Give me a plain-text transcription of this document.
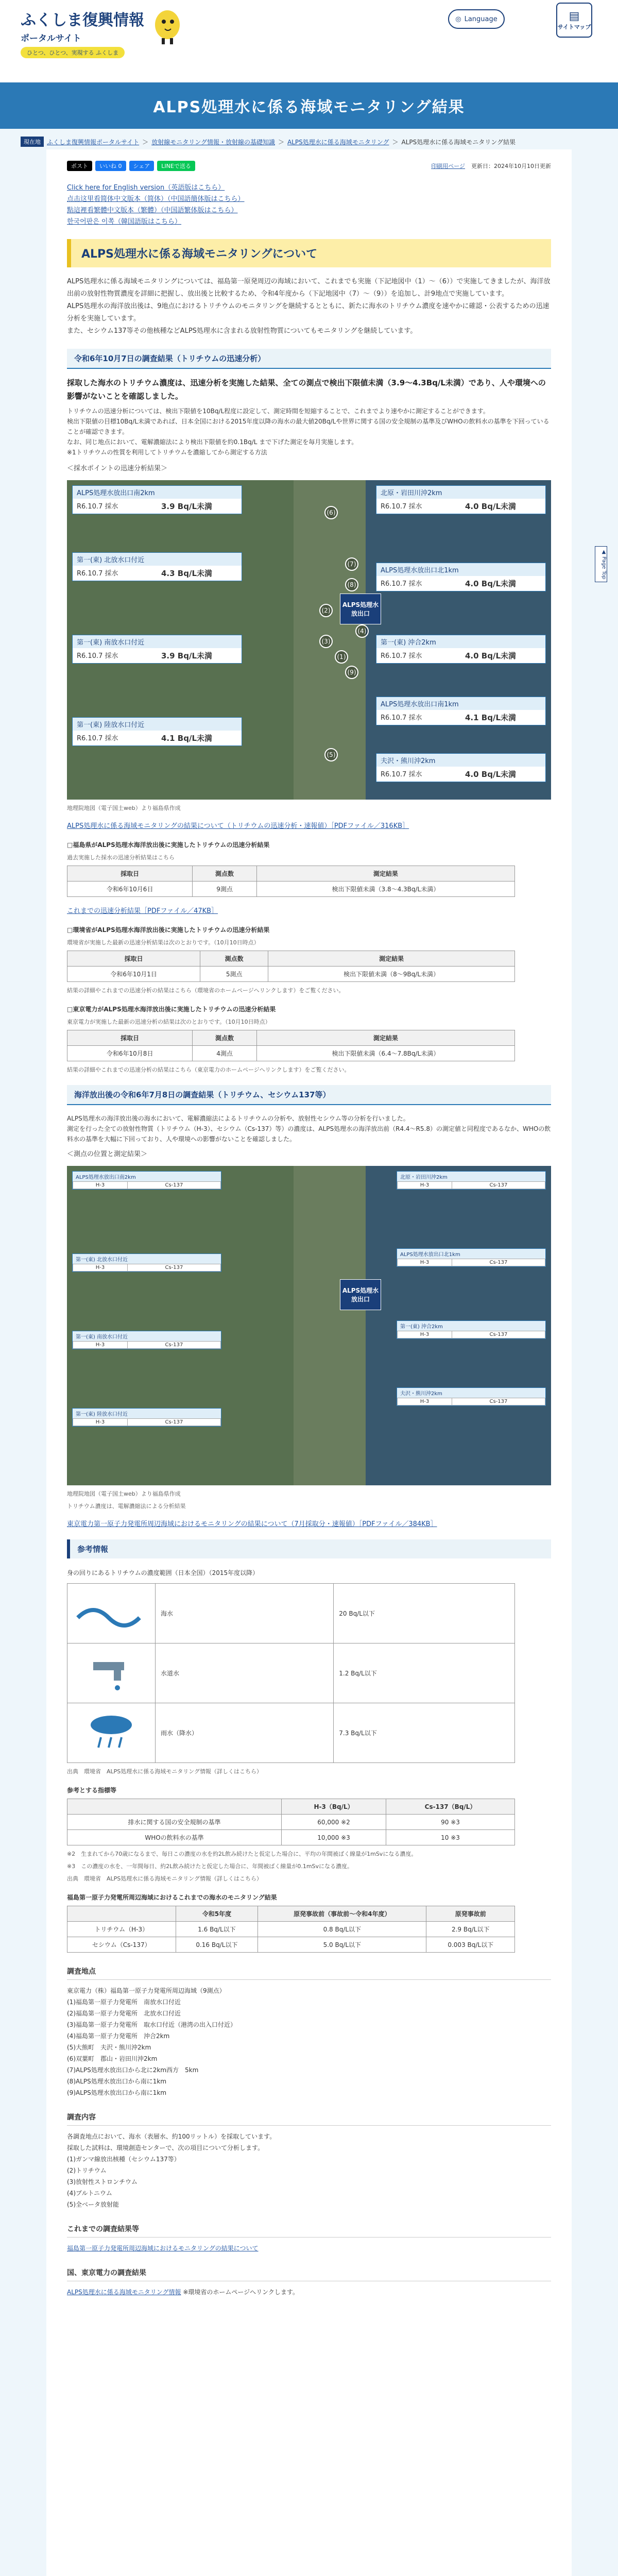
ふくしま復興情報
ポータルサイト
ひとつ、ひとつ、実現する ふくしま
◎ Language	▤
サイトマップ
ALPS処理水に係る海域モニタリング結果
現在地	ふくしま復興情報ポータルサイト ＞ 放射線モニタリング情報・放射線の基礎知識 ＞ ALPS処理水に係る海域モニタリング ＞ ALPS処理水に係る海域モニタリング結果
ポスト	いいね 0	シェア	LINEで送る	印刷用ページ 更新日：2024年10月10日更新
Click here for English version（英語版はこちら）
点击这里看简体中文版本（简体）（中国語簡体版はこちら）
點這裡看繁體中文版本（繁體）（中国語繁体版はこちら）
한국어판은 이쪽（韓国語版はこちら）
ALPS処理水に係る海域モニタリングについて

ALPS処理水に係る海域モニタリングについては、福島第一原発周辺の海域において、これまでも実施（下記地図中（1）～（6））で実施してきましたが、海洋放出前の放射性物質濃度を詳細に把握し、放出後と比較するため、令和4年度から（下記地図中（7）～（9））を追加し、計9地点で実施しています。

ALPS処理水の海洋放出後は、9地点におけるトリチウムのモニタリングを継続するとともに、新たに海水のトリチウム濃度を速やかに確認・公表するための迅速分析を実施しています。

また、セシウム137等その他核種などALPS処理水に含まれる放射性物質についてもモニタリングを継続しています。

令和6年10月7日の調査結果（トリチウムの迅速分析）
採取した海水のトリチウム濃度は、迅速分析を実施した結果、全ての測点で検出下限値未満（3.9～4.3Bq/L未満）であり、人や環境への影響がないことを確認しました。

トリチウムの迅速分析については、検出下限値を10Bq/L程度に設定して、測定時間を短縮することで、これまでより速やかに測定することができます。

検出下限値の目標10Bq/L未満であれば、日本全国における2015年度以降の海水の最大値20Bq/Lや世界に関する国の安全規制の基準及びWHOの飲料水の基準を下回っていることが確認できます。

なお、同じ地点において、電解濃縮法により検出下限値を約0.1Bq/L まで下げた測定を毎月実施します。

※1トリチウムの性質を利用してトリチウムを濃縮してから測定する方法

＜採水ポイントの迅速分析結果＞
ALPS処理水放出口
ALPS処理水放出口南2km
R6.10.7 採水	3.9 Bq/L未満
第一(東) 北放水口付近
R6.10.7 採水	4.3 Bq/L未満
第一(東) 南放水口付近
R6.10.7 採水	3.9 Bq/L未満
第一(東) 陸放水口付近
R6.10.7 採水	4.1 Bq/L未満
夫沢・熊川沖2km
R6.10.7 採水	4.0 Bq/L未満
北原・岩田川沖2km
R6.10.7 採水	4.0 Bq/L未満
ALPS処理水放出口北1km
R6.10.7 採水	4.0 Bq/L未満
第一(東) 沖合2km
R6.10.7 採水	4.0 Bq/L未満
ALPS処理水放出口南1km
R6.10.7 採水	4.1 Bq/L未満
(1)
(2)
(3)
(4)
(5)
(6)
(7)
(8)
(9)
地理院地図（電子国土web）より福島県作成
ALPS処理水に係る海域モニタリングの結果について（トリチウムの迅速分析・速報値）［PDFファイル／316KB］
□福島県がALPS処理水海洋放出後に実施したトリチウムの迅速分析結果
過去実施した採水の迅速分析結果はこちら
採取日	測点数	測定結果
令和6年10月6日	9測点	検出下限値未満（3.8～4.3Bq/L未満）
これまでの迅速分析結果［PDFファイル／47KB］
□環境省がALPS処理水海洋放出後に実施したトリチウムの迅速分析結果
環境省が実施した最新の迅速分析結果は次のとおりです。（10月10日時点）
採取日	測点数	測定結果
令和6年10月1日	5測点	検出下限値未満（8～9Bq/L未満）
結果の詳細やこれまでの迅速分析の結果はこちら（環境省のホームページへリンクします）をご覧ください。
□東京電力がALPS処理水海洋放出後に実施したトリチウムの迅速分析結果
東京電力が実施した最新の迅速分析の結果は次のとおりです。（10月10日時点）
採取日	測点数	測定結果
令和6年10月8日	4測点	検出下限値未満（6.4～7.8Bq/L未満）
結果の詳細やこれまでの迅速分析の結果はこちら（東京電力のホームページへリンクします）をご覧ください。
海洋放出後の令和6年7月8日の調査結果（トリチウム、セシウム137等）

ALPS処理水の海洋放出後の海水において、電解濃縮法によるトリチウムの分析や、放射性セシウム等の分析を行いました。

測定を行った全ての放射性物質（トリチウム（H-3）、セシウム（Cs-137）等）の濃度は、ALPS処理水の海洋放出前（R4.4～R5.8）の測定値と同程度であるなか、WHOの飲料水の基準を大幅に下回っており、人や環境への影響がないことを確認しました。

＜測点の位置と測定結果＞
ALPS処理水放出口
ALPS処理水放出口南2km
H-3	Cs-137
第一(東) 北放水口付近
H-3	Cs-137
第一(東) 南放水口付近
H-3	Cs-137
第一(東) 陸放水口付近
H-3	Cs-137
北原・岩田川沖2km
H-3	Cs-137
ALPS処理水放出口北1km
H-3	Cs-137
第一(東) 沖合2km
H-3	Cs-137
夫沢・熊川沖2km
H-3	Cs-137
地理院地図（電子国土web）より福島県作成
トリチウム濃度は、電解濃縮法による分析結果
東京電力第一原子力発電所周辺海域におけるモニタリングの結果について（7月採取分・速報値）［PDFファイル／384KB］
参考情報
身の回りにあるトリチウムの濃度範囲（日本全国）（2015年度以降）
	海水	20 Bq/L以下
	水道水	1.2 Bq/L以下
	雨水（降水）	7.3 Bq/L以下
出典　環境省　ALPS処理水に係る海域モニタリング情報（詳しくはこちら）
参考とする指標等
	H-3（Bq/L）	Cs-137（Bq/L）
排水に関する国の安全規制の基準	60,000 ※2	90 ※3
WHOの飲料水の基準	10,000 ※3	10 ※3
※2　生まれてから70歳になるまで、毎日この濃度の水を約2L飲み続けたと仮定した場合に、平均の年間被ばく線量が1mSvになる濃度。
※3　この濃度の水を、一年間毎日、約2L飲み続けたと仮定した場合に、年間被ばく線量が0.1mSvになる濃度。
出典　環境省　ALPS処理水に係る海域モニタリング情報（詳しくはこちら）
福島第一原子力発電所周辺海域におけるこれまでの海水のモニタリング結果
	令和5年度	原発事故前（事故前〜令和4年度）	原発事故前
トリチウム（H-3）	1.6 Bq/L以下	0.8 Bq/L以下	2.9 Bq/L以下
セシウム（Cs-137）	0.16 Bq/L以下	5.0 Bq/L以下	0.003 Bq/L以下
調査地点
東京電力（株）福島第一原子力発電所周辺海域（9測点）
(1)福島第一原子力発電所　南放水口付近
(2)福島第一原子力発電所　北放水口付近
(3)福島第一原子力発電所　取水口付近（港湾の出入口付近）
(4)福島第一原子力発電所　沖合2km
(5)大熊町　夫沢・熊川沖2km
(6)双葉町　郡山・岩田川沖2km
(7)ALPS処理水放出口から北に2km西方　5km
(8)ALPS処理水放出口から南に1km
(9)ALPS処理水放出口から南に1km
調査内容
各調査地点において、海水（表層水、約100リットル）を採取しています。
採取した試料は、環境創造センターで、次の項目について分析します。
(1)ガンマ線放出核種（セシウム137等）
(2)トリチウム
(3)放射性ストロンチウム
(4)プルトニウム
(5)全ベータ放射能
これまでの調査結果等
福島第一原子力発電所周辺海域におけるモニタリングの結果について
国、東京電力の調査結果
ALPS処理水に係る海域モニタリング情報 ※環境省のホームページへリンクします。
▲ Page Top
